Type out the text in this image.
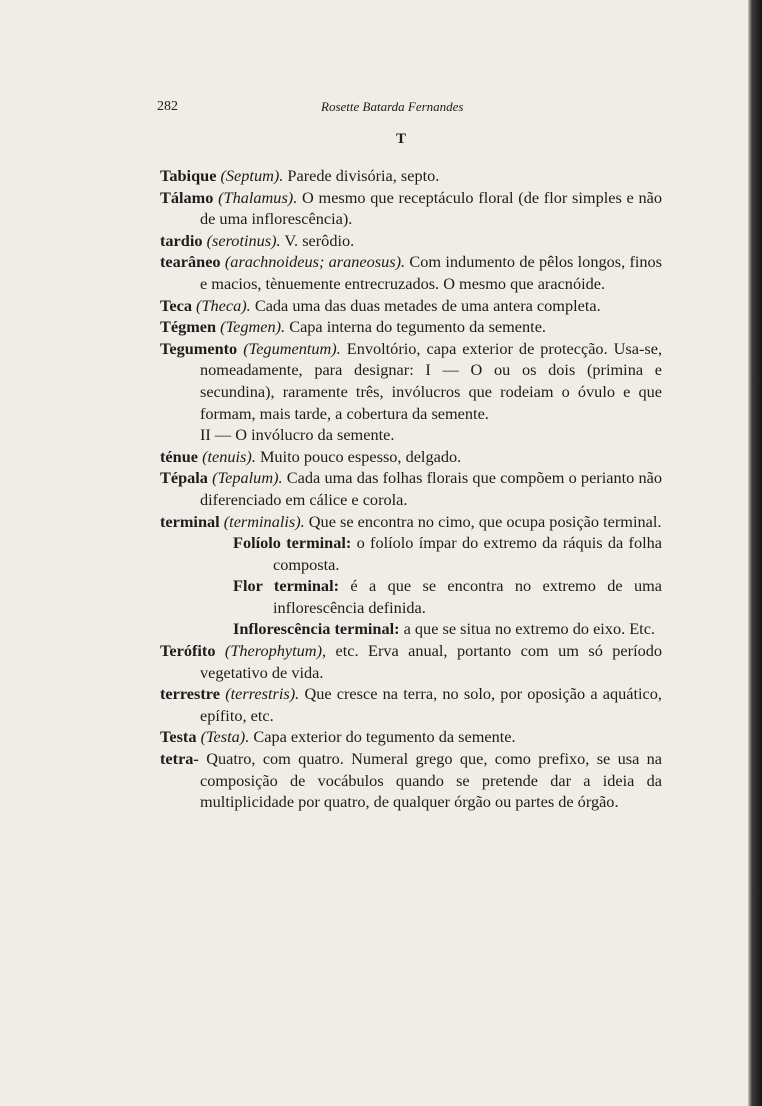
282	Rosette Batarda Fernandes
T

Tabique (Septum). Parede divisória, septo.

Tálamo (Thalamus). O mesmo que receptáculo floral (de flor simples e não de uma inflorescência).

tardio (serotinus). V. serôdio.

tearâneo (arachnoideus; araneosus). Com indumento de pêlos longos, finos e macios, tènuemente entrecruzados. O mesmo que aracnóide.

Teca (Theca). Cada uma das duas metades de uma antera completa.

Tégmen (Tegmen). Capa interna do tegumento da semente.

Tegumento (Tegumentum). Envoltório, capa exterior de protecção. Usa-se, nomeadamente, para designar: I — O ou os dois (primina e secundina), raramente três, invólucros que rodeiam o óvulo e que formam, mais tarde, a cobertura da semente.

II — O invólucro da semente.

ténue (tenuis). Muito pouco espesso, delgado.

Tépala (Tepalum). Cada uma das folhas florais que compõem o perianto não diferenciado em cálice e corola.

terminal (terminalis). Que se encontra no cimo, que ocupa posição terminal.

Folíolo terminal: o folíolo ímpar do extremo da ráquis da folha composta.

Flor terminal: é a que se encontra no extremo de uma inflorescência definida.

Inflorescência terminal: a que se situa no extremo do eixo. Etc.

Terófito (Therophytum), etc. Erva anual, portanto com um só período vegetativo de vida.

terrestre (terrestris). Que cresce na terra, no solo, por oposição a aquático, epífito, etc.

Testa (Testa). Capa exterior do tegumento da semente.

tetra- Quatro, com quatro. Numeral grego que, como prefixo, se usa na composição de vocábulos quando se pretende dar a ideia da multiplicidade por quatro, de qualquer órgão ou partes de órgão.
